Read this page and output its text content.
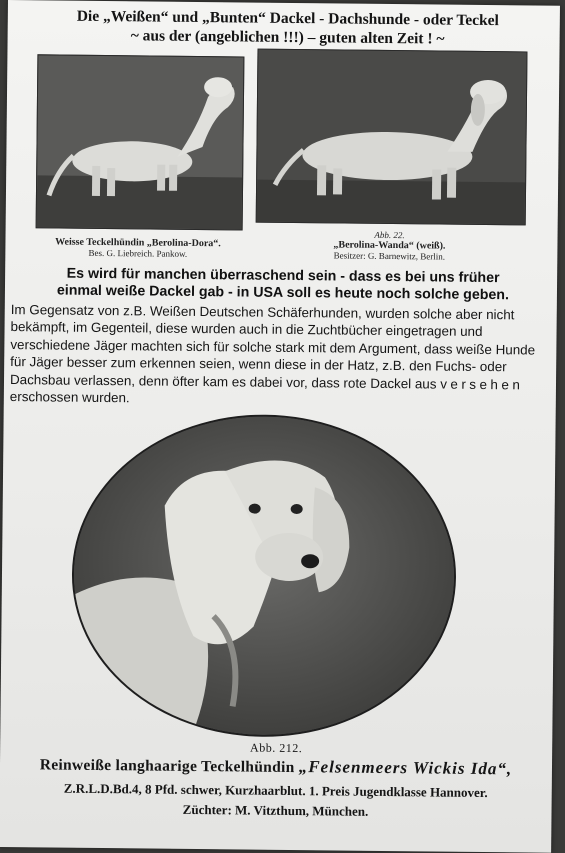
Die „Weißen“ und „Bunten“ Dackel - Dachshunde - oder Teckel
~ aus der (angeblichen !!!) – guten alten Zeit ! ~
Weisse Teckelhündin „Berolina-Dora“.
Bes. G. Liebreich. Pankow.
Abb. 22.
„Berolina-Wanda“ (weiß).
Besitzer: G. Barnewitz, Berlin.
Es wird für manchen überraschend sein - dass es bei uns früher
einmal weiße Dackel gab - in USA soll es heute noch solche geben.
Im Gegensatz von z.B. Weißen Deutschen Schäferhunden, wurden solche aber nicht bekämpft, im Gegenteil, diese wurden auch in die Zuchtbücher eingetragen und verschiedene Jäger machten sich für solche stark mit dem Argument, dass weiße Hunde für Jäger besser zum erkennen seien, wenn diese in der Hatz, z.B. den Fuchs- oder Dachsbau verlassen, denn öfter kam es dabei vor, dass rote Dackel aus versehen erschossen wurden.
Abb. 212.
Reinweiße langhaarige Teckelhündin „Felsenmeers Wickis Ida“,
Z.R.L.D.Bd.4, 8 Pfd. schwer, Kurzhaarblut. 1. Preis Jugendklasse Hannover.
Züchter: M. Vitzthum, München.
